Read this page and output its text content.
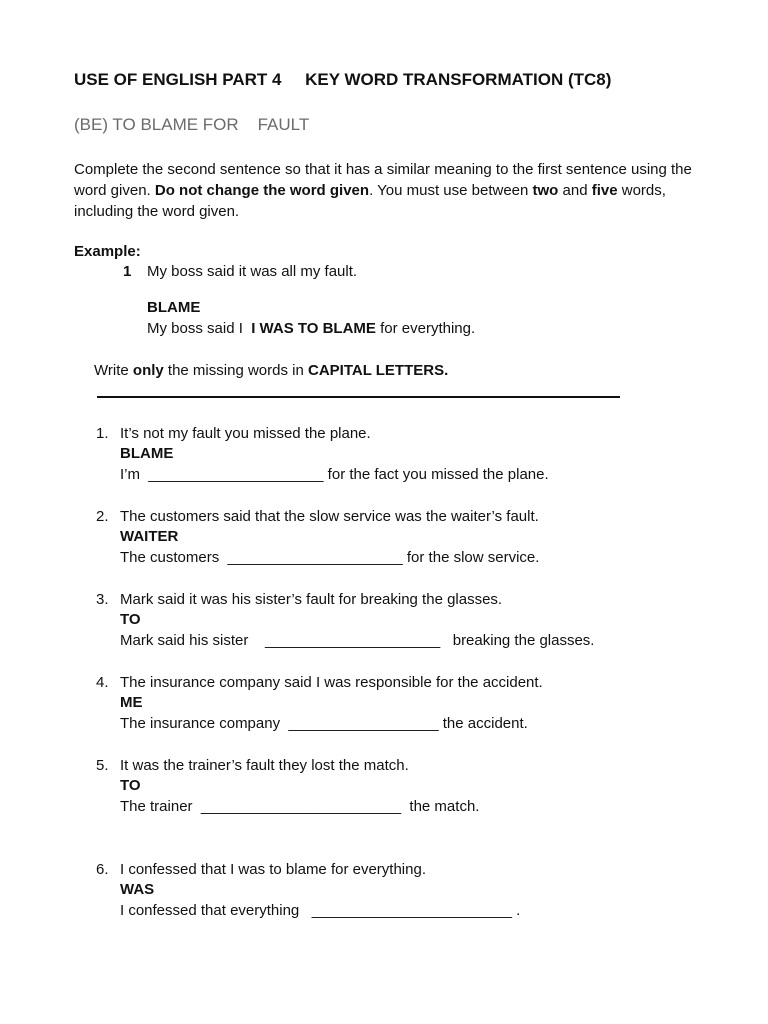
USE OF ENGLISH PART 4     KEY WORD TRANSFORMATION (TC8)
(BE) TO BLAME FOR    FAULT
Complete the second sentence so that it has a similar meaning to the first sentence using the word given. Do not change the word given. You must use between two and five words, including the word given.
Example:
1 My boss said it was all my fault.
BLAME
My boss said I  I WAS TO BLAME for everything.
Write only the missing words in CAPITAL LETTERS.
1. It’s not my fault you missed the plane.
BLAME
I’m  _____________________ for the fact you missed the plane.
2. The customers said that the slow service was the waiter’s fault.
WAITER
The customers  _____________________ for the slow service.
3. Mark said it was his sister’s fault for breaking the glasses.
TO
Mark said his sister    _____________________   breaking the glasses.
4. The insurance company said I was responsible for the accident.
ME
The insurance company  __________________ the accident.
5. It was the trainer’s fault they lost the match.
TO
The trainer  ________________________  the match.
6. I confessed that I was to blame for everything.
WAS
I confessed that everything   ________________________ .
